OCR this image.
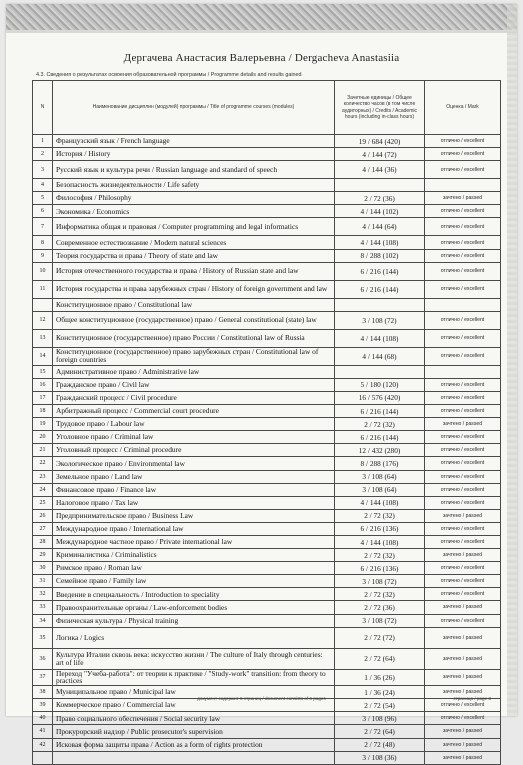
Дергачева Анастасия Валерьевна / Dergacheva Anastasiia
4.3. Сведения о результатах освоения образовательной программы / Programme details and results gained
N	Наименование дисциплин (модулей) программы / Title of programme courses (modules)	Зачетные единицы / Общее количество часов (в том числе аудиторных) / Credits / Academic hours (including in-class hours)	Оценка / Mark
1	Французский язык / French language	19 / 684 (420)	отлично / excellent
2	История / History	4 / 144 (72)	отлично / excellent
3	Русский язык и культура речи / Russian language and standard of speech	4 / 144 (36)	отлично / excellent
4	Безопасность жизнедеятельности / Life safety		
5	Философия / Philosophy	2 / 72 (36)	зачтено / passed
6	Экономика / Economics	4 / 144 (102)	отлично / excellent
7	Информатика общая и правовая / Computer programming and legal informatics	4 / 144 (64)	отлично / excellent
8	Современное естествознание / Modern natural sciences	4 / 144 (108)	отлично / excellent
9	Теория государства и права / Theory of state and law	8 / 288 (102)	отлично / excellent
10	История отечественного государства и права / History of Russian state and law	6 / 216 (144)	отлично / excellent
11	История государства и права зарубежных стран / History of foreign government and law	6 / 216 (144)	отлично / excellent
	Конституционное право / Constitutional law		
12	Общее конституционное (государственное) право / General constitutional (state) law	3 / 108 (72)	отлично / excellent
13	Конституционное (государственное) право России / Constitutional law of Russia	4 / 144 (108)	отлично / excellent
14	Конституционное (государственное) право зарубежных стран / Constitutional law of foreign countries	4 / 144 (68)	отлично / excellent
15	Административное право / Administrative law		
16	Гражданское право / Civil law	5 / 180 (120)	отлично / excellent
17	Гражданский процесс / Civil procedure	16 / 576 (420)	отлично / excellent
18	Арбитражный процесс / Commercial court procedure	6 / 216 (144)	отлично / excellent
19	Трудовое право / Labour law	2 / 72 (32)	зачтено / passed
20	Уголовное право / Criminal law	6 / 216 (144)	отлично / excellent
21	Уголовный процесс / Criminal procedure	12 / 432 (280)	отлично / excellent
22	Экологическое право / Environmental law	8 / 288 (176)	отлично / excellent
23	Земельное право / Land law	3 / 108 (64)	отлично / excellent
24	Финансовое право / Finance law	3 / 108 (64)	отлично / excellent
25	Налоговое право / Tax law	4 / 144 (108)	отлично / excellent
26	Предпринимательское право / Business Law	2 / 72 (32)	зачтено / passed
27	Международное право / International law	6 / 216 (136)	отлично / excellent
28	Международное частное право / Private international law	4 / 144 (108)	отлично / excellent
29	Криминалистика / Criminalistics	2 / 72 (32)	зачтено / passed
30	Римское право / Roman law	6 / 216 (136)	отлично / excellent
31	Семейное право / Family law	3 / 108 (72)	отлично / excellent
32	Введение в специальность / Introduction to speciality	2 / 72 (32)	отлично / excellent
33	Правоохранительные органы / Law-enforcement bodies	2 / 72 (36)	зачтено / passed
34	Физическая культура / Physical training	3 / 108 (72)	отлично / excellent
35	Логика / Logics	2 / 72 (72)	зачтено / passed
36	Культура Италии сквозь века: искусство жизни / The culture of Italy through centuries: art of life	2 / 72 (64)	зачтено / passed
37	Переход "Учеба-работа": от теории к практике / "Study-work" transition: from theory to practices	1 / 36 (26)	зачтено / passed
38	Муниципальное право / Municipal law	1 / 36 (24)	зачтено / passed
39	Коммерческое право / Commercial law	2 / 72 (54)	отлично / excellent
40	Право социального обеспечения / Social security law	3 / 108 (96)	отлично / excellent
41	Прокурорский надзор / Public prosecutor's supervision	2 / 72 (64)	зачтено / passed
42	Исковая форма защиты права / Action as a form of rights protection	2 / 72 (48)	зачтено / passed
		3 / 108 (36)	зачтено / passed
документ содержит 6 страниц / document consists of 6 pages	страница / page 3
